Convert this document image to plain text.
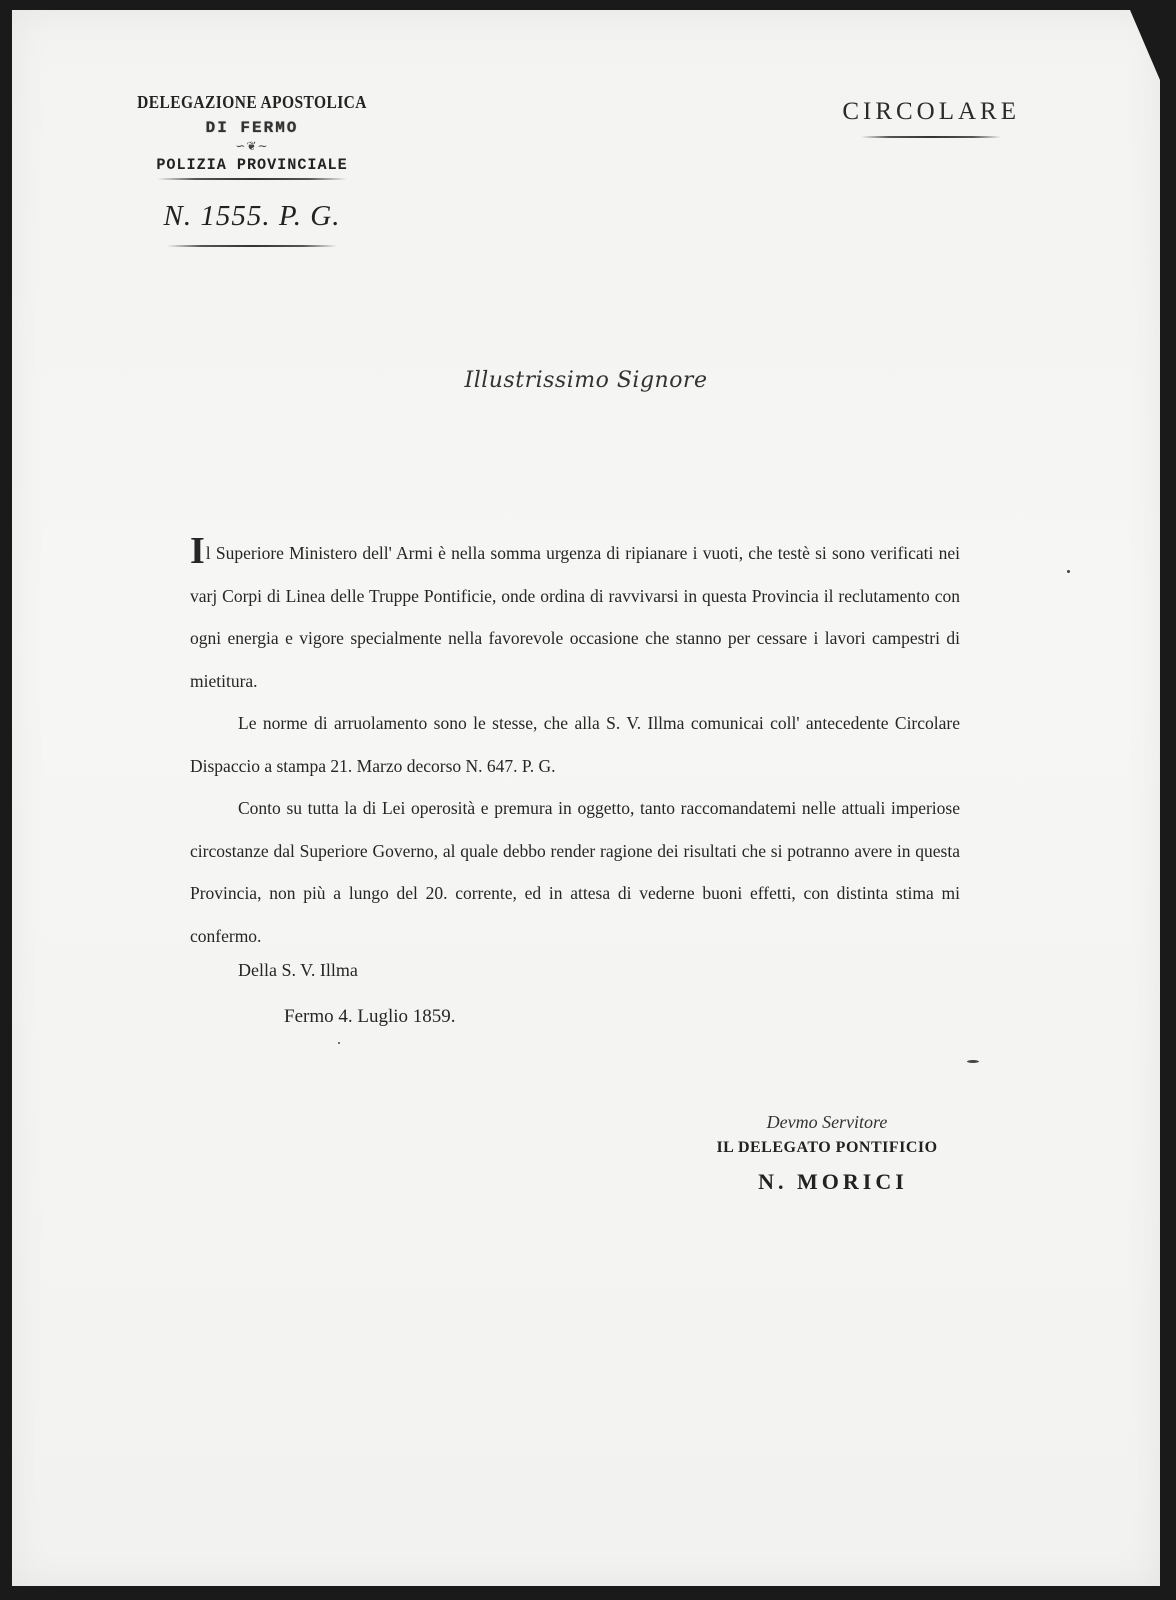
DELEGAZIONE APOSTOLICA
DI FERMO
∽❦∼
POLIZIA PROVINCIALE
N. 1555. P. G.
CIRCOLARE
Illustrissimo Signore

Il Superiore Ministero dell' Armi è nella somma urgenza di ripianare i vuoti, che testè si sono verificati nei varj Corpi di Linea delle Truppe Pontificie, onde ordina di ravvivarsi in questa Provincia il reclutamento con ogni energia e vigore specialmente nella favorevole occasione che stanno per cessare i lavori campestri di mietitura.

Le norme di arruolamento sono le stesse, che alla S. V. Illma comunicai coll' antecedente Circolare Dispaccio a stampa 21. Marzo decorso N. 647. P. G.

Conto su tutta la di Lei operosità e premura in oggetto, tanto raccomandatemi nelle attuali imperiose circostanze dal Superiore Governo, al quale debbo render ragione dei risultati che si potranno avere in questa Provincia, non più a lungo del 20. corrente, ed in attesa di vederne buoni effetti, con distinta stima mi confermo.

Della S. V. Illma
Fermo 4. Luglio 1859.
Devmo Servitore
IL DELEGATO PONTIFICIO
N. MORICI
